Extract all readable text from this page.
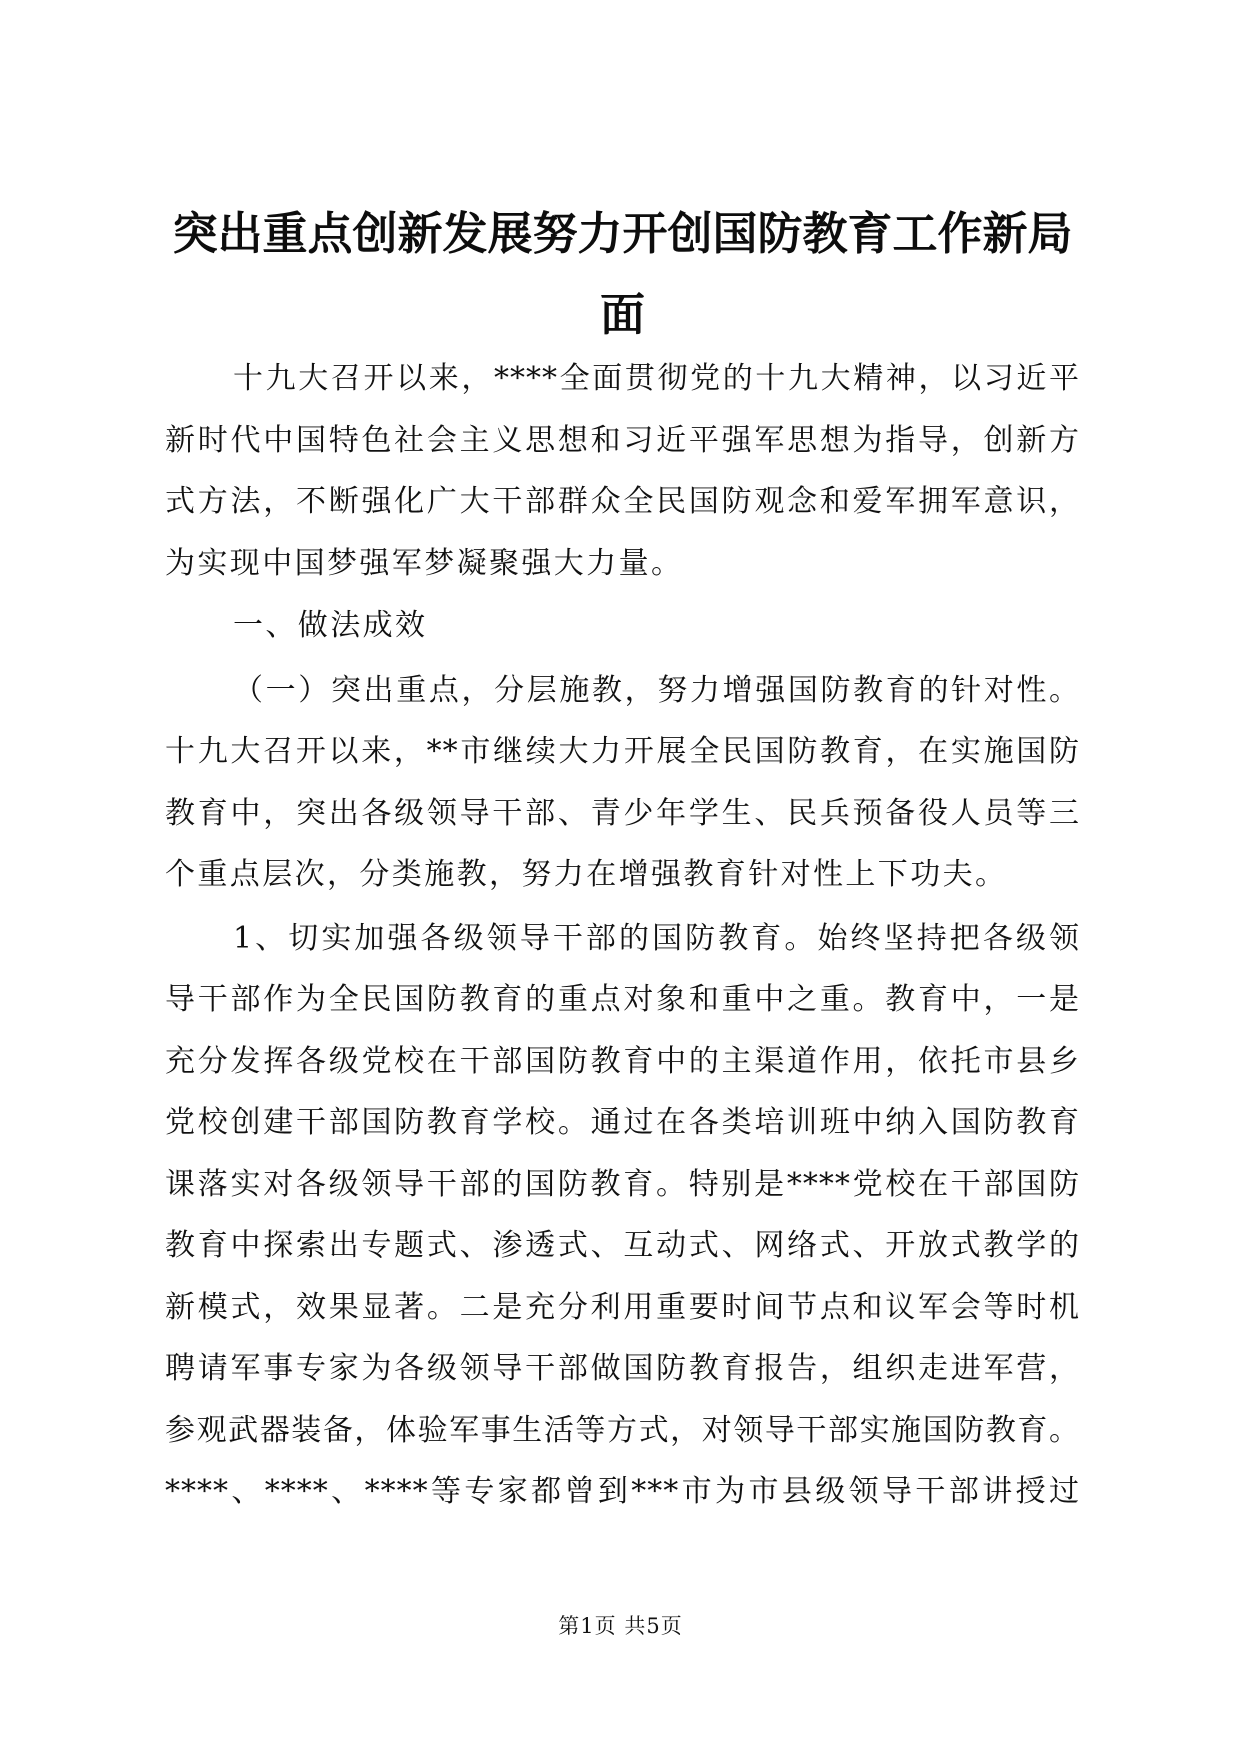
突出重点创新发展努力开创国防教育工作新局面
十九大召开以来，****全面贯彻党的十九大精神，以习近平
新时代中国特色社会主义思想和习近平强军思想为指导，创新方
式方法，不断强化广大干部群众全民国防观念和爱军拥军意识，
为实现中国梦强军梦凝聚强大力量。
一、做法成效
（一）突出重点，分层施教，努力增强国防教育的针对性。
十九大召开以来，**市继续大力开展全民国防教育，在实施国防
教育中，突出各级领导干部、青少年学生、民兵预备役人员等三
个重点层次，分类施教，努力在增强教育针对性上下功夫。
1、切实加强各级领导干部的国防教育。始终坚持把各级领
导干部作为全民国防教育的重点对象和重中之重。教育中，一是
充分发挥各级党校在干部国防教育中的主渠道作用，依托市县乡
党校创建干部国防教育学校。通过在各类培训班中纳入国防教育
课落实对各级领导干部的国防教育。特别是****党校在干部国防
教育中探索出专题式、渗透式、互动式、网络式、开放式教学的
新模式，效果显著。二是充分利用重要时间节点和议军会等时机
聘请军事专家为各级领导干部做国防教育报告，组织走进军营，
参观武器装备，体验军事生活等方式，对领导干部实施国防教育。
****、****、****等专家都曾到***市为市县级领导干部讲授过
第1页 共5页
